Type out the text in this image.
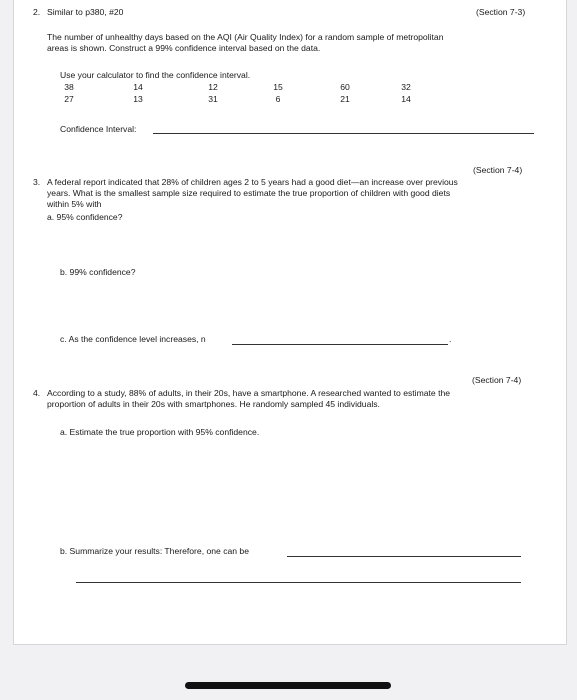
2. Similar to p380, #20	(Section 7-3)
The number of unhealthy days based on the AQI (Air Quality Index) for a random sample of metropolitan
areas is shown. Construct a 99% confidence interval based on the data.
Use your calculator to find the confidence interval.
38	14	12	15	60	32
27	13	31	6	21	14
Confidence Interval:
(Section 7-4)
3. A federal report indicated that 28% of children ages 2 to 5 years had a good diet—an increase over previous
years. What is the smallest sample size required to estimate the true proportion of children with good diets
within 5% with
a. 95% confidence?
b. 99% confidence?
c. As the confidence level increases, n	.
(Section 7-4)
4. According to a study, 88% of adults, in their 20s, have a smartphone. A researched wanted to estimate the
proportion of adults in their 20s with smartphones. He randomly sampled 45 individuals.
a. Estimate the true proportion with 95% confidence.
b. Summarize your results: Therefore, one can be
